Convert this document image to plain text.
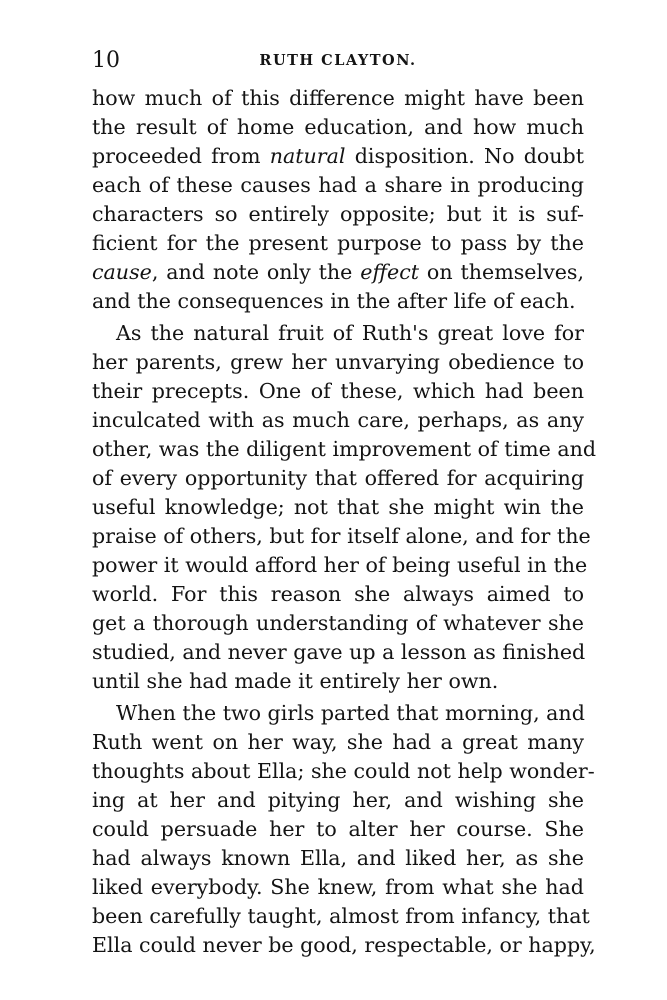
10	RUTH CLAYTON.
how much of this difference might have been
the result of home education, and how much
proceeded from natural disposition. No doubt
each of these causes had a share in producing
characters so entirely opposite; but it is suf-
ficient for the present purpose to pass by the
cause, and note only the effect on themselves,
and the consequences in the after life of each.
As the natural fruit of Ruth's great love for
her parents, grew her unvarying obedience to
their precepts. One of these, which had been
inculcated with as much care, perhaps, as any
other, was the diligent improvement of time and
of every opportunity that offered for acquiring
useful knowledge; not that she might win the
praise of others, but for itself alone, and for the
power it would afford her of being useful in the
world. For this reason she always aimed to
get a thorough understanding of whatever she
studied, and never gave up a lesson as finished
until she had made it entirely her own.
When the two girls parted that morning, and
Ruth went on her way, she had a great many
thoughts about Ella; she could not help wonder-
ing at her and pitying her, and wishing she
could persuade her to alter her course. She
had always known Ella, and liked her, as she
liked everybody. She knew, from what she had
been carefully taught, almost from infancy, that
Ella could never be good, respectable, or happy,
